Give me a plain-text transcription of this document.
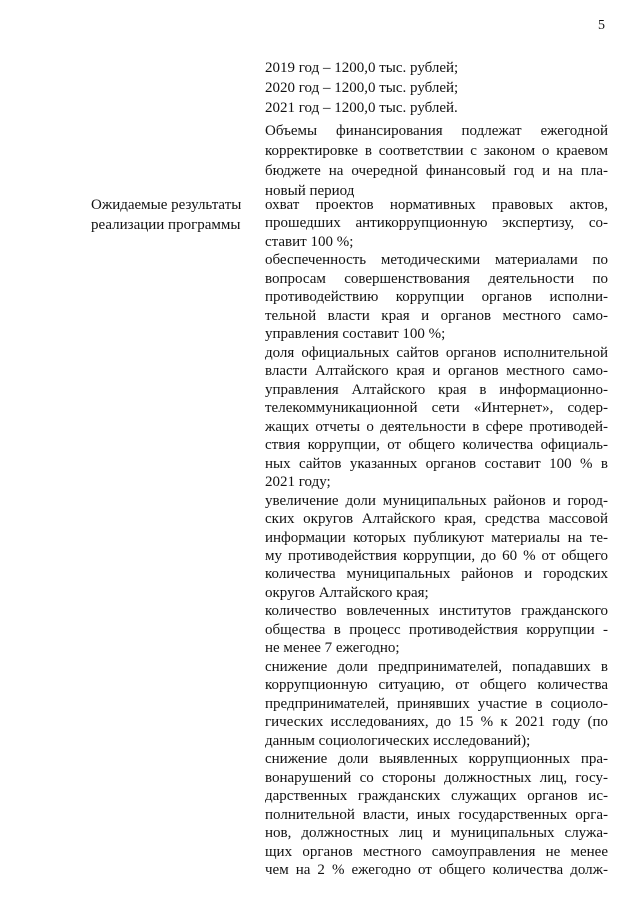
5
2019 год – 1200,0 тыс. рублей;
2020 год – 1200,0 тыс. рублей;
2021 год – 1200,0 тыс. рублей.
Объемы финансирования подлежат ежегодной
корректировке в соответствии с законом о краевом
бюджете на очередной финансовый год и на пла-
новый период
Ожидаемые результаты
реализации программы
охват проектов нормативных правовых актов,
прошедших антикоррупционную экспертизу, со-
ставит 100 %;
обеспеченность методическими материалами по
вопросам совершенствования деятельности по
противодействию коррупции органов исполни-
тельной власти края и органов местного само-
управления составит 100 %;
доля официальных сайтов органов исполнительной
власти Алтайского края и органов местного само-
управления Алтайского края в информационно-
телекоммуникационной сети «Интернет», содер-
жащих отчеты о деятельности в сфере противодей-
ствия коррупции, от общего количества официаль-
ных сайтов указанных органов составит 100 % в
2021 году;
увеличение доли муниципальных районов и город-
ских округов Алтайского края, средства массовой
информации которых публикуют материалы на те-
му противодействия коррупции, до 60 % от общего
количества муниципальных районов и городских
округов Алтайского края;
количество вовлеченных институтов гражданского
общества в процесс противодействия коррупции -
не менее 7 ежегодно;
снижение доли предпринимателей, попадавших в
коррупционную ситуацию, от общего количества
предпринимателей, принявших участие в социоло-
гических исследованиях, до 15 % к 2021 году (по
данным социологических исследований);
снижение доли выявленных коррупционных пра-
вонарушений со стороны должностных лиц, госу-
дарственных гражданских служащих органов ис-
полнительной власти, иных государственных орга-
нов, должностных лиц и муниципальных служа-
щих органов местного самоуправления не менее
чем на 2 % ежегодно от общего количества долж-
